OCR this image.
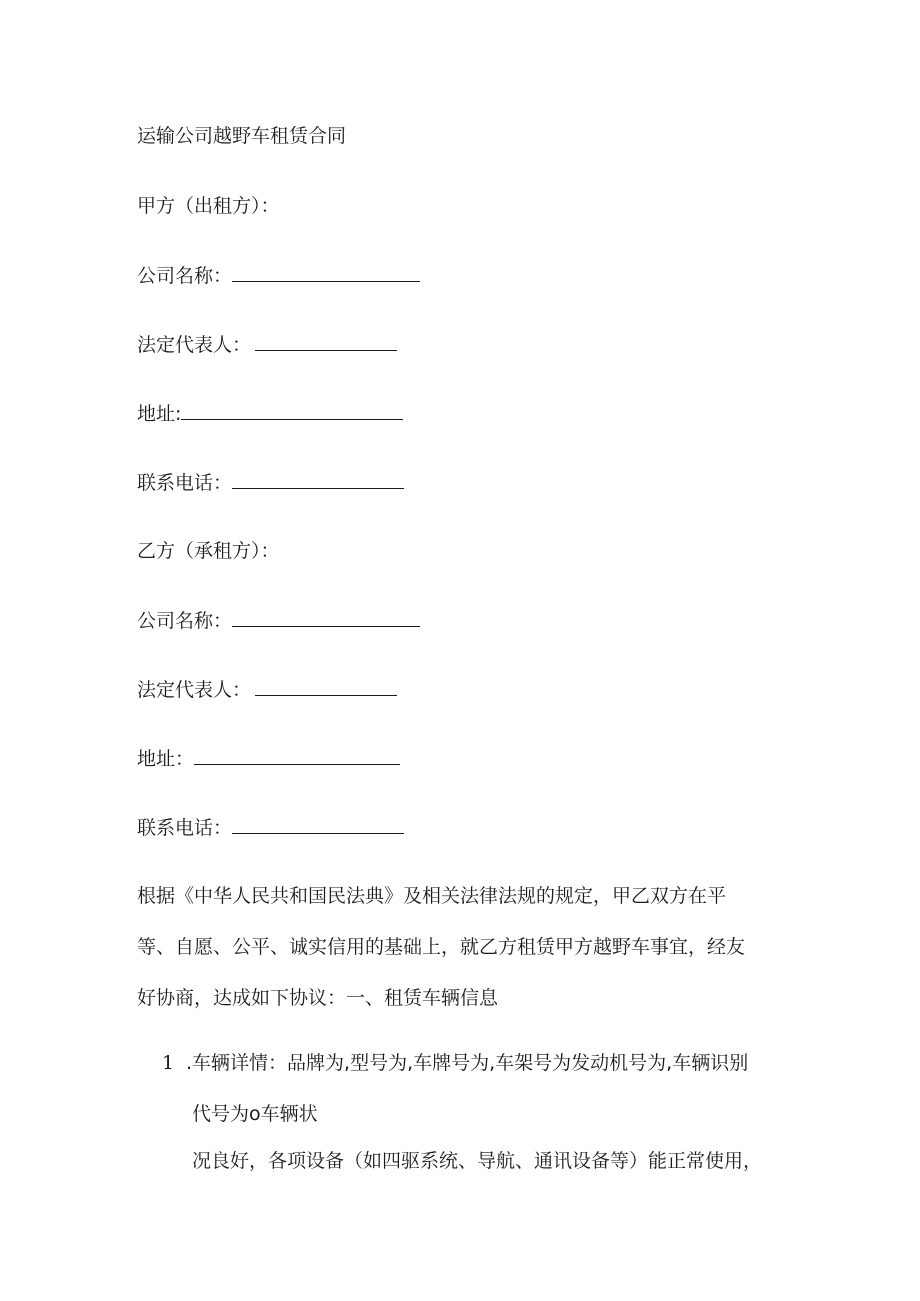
运输公司越野车租赁合同

甲方（出租方）：

公司名称：
法定代表人：
地址:
联系电话：

乙方（承租方）：

公司名称：
法定代表人：
地址：
联系电话：

根据《中华人民共和国民法典》及相关法律法规的规定，甲乙双方在平

等、自愿、公平、诚实信用的基础上，就乙方租赁甲方越野车事宜，经友

好协商，达成如下协议：一、租赁车辆信息

1 .车辆详情：品牌为,型号为,车牌号为,车架号为发动机号为,车辆识别

代号为o车辆状

况良好，各项设备（如四驱系统、导航、通讯设备等）能正常使用，
